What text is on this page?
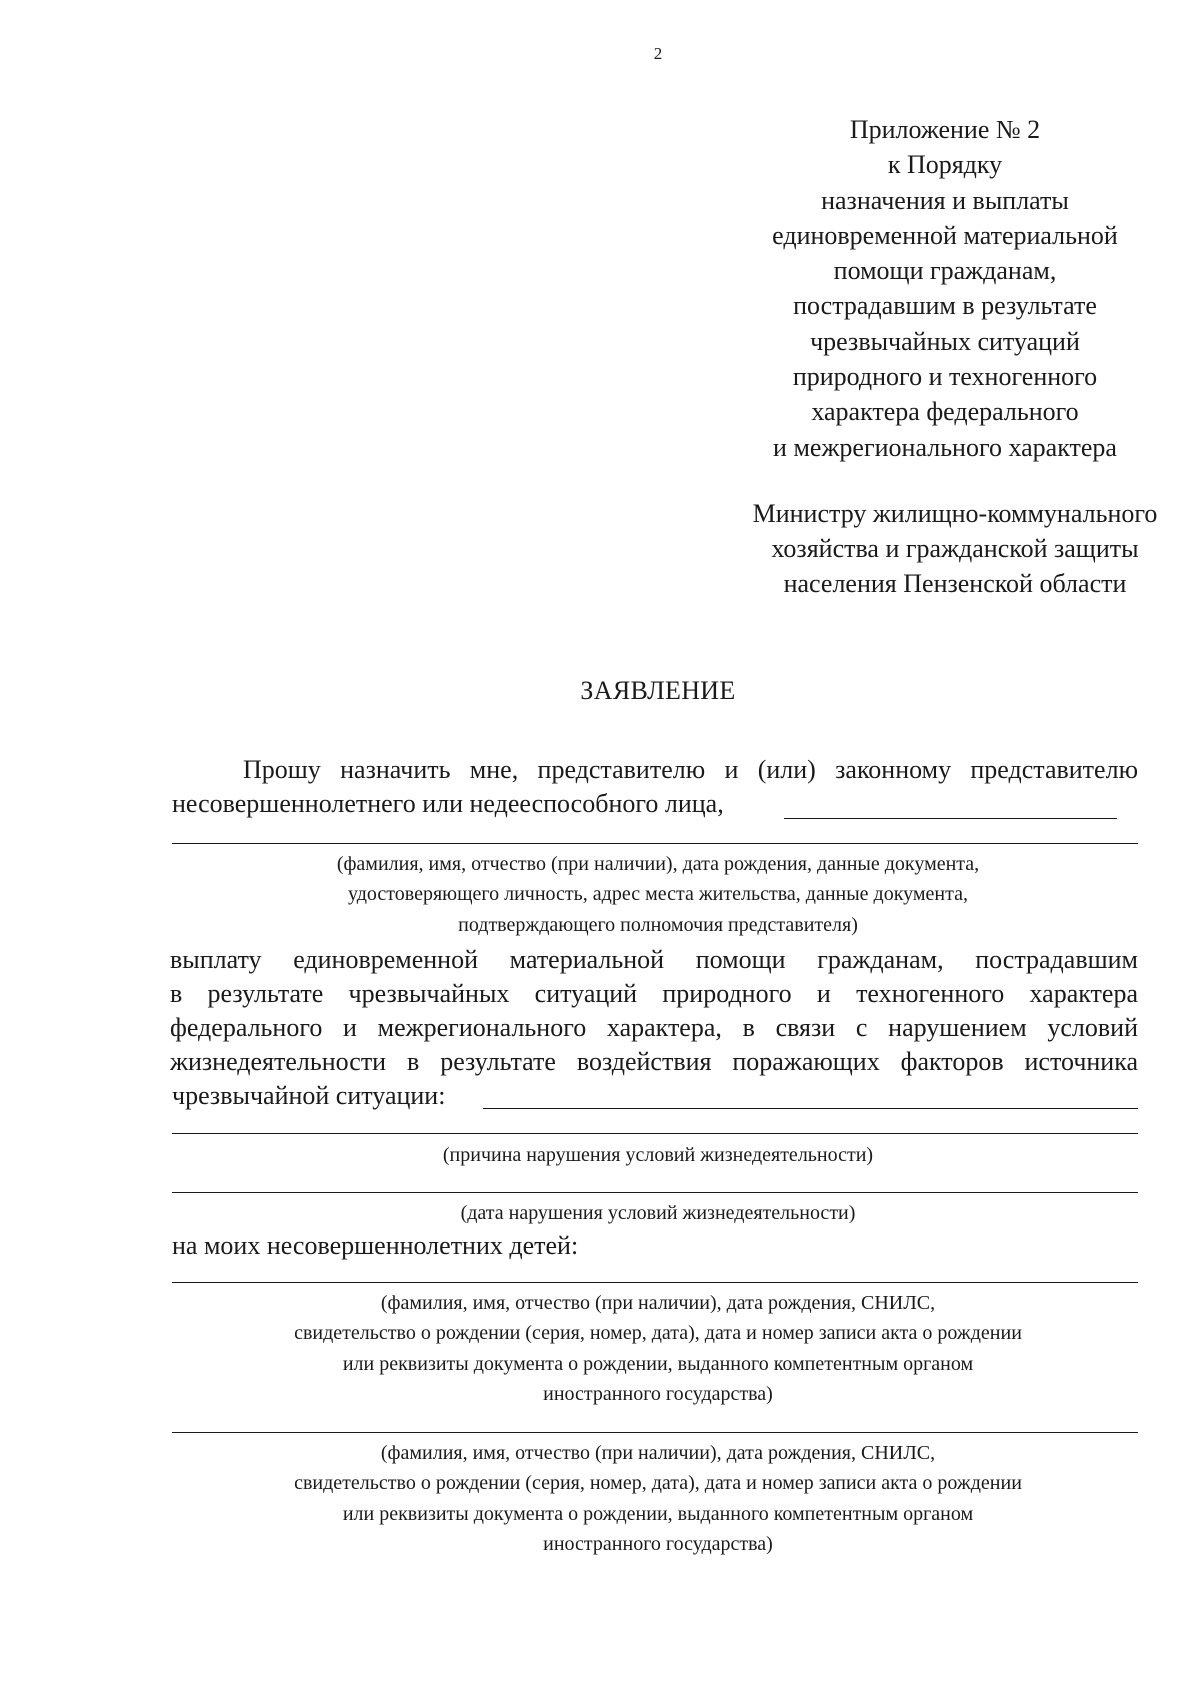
2
Приложение № 2
к Порядку
назначения и выплаты
единовременной материальной
помощи гражданам,
пострадавшим в результате
чрезвычайных ситуаций
природного и техногенного
характера федерального
и межрегионального характера
Министру жилищно-коммунального
хозяйства и гражданской защиты
населения Пензенской области
ЗАЯВЛЕНИЕ
Прошу назначить мне, представителю и (или) законному представителю
несовершеннолетнего или недееспособного лица,
(фамилия, имя, отчество (при наличии), дата рождения, данные документа,
удостоверяющего личность, адрес места жительства, данные документа,
подтверждающего полномочия представителя)
выплату единовременной материальной помощи гражданам, пострадавшим
в результате чрезвычайных ситуаций природного и техногенного характера
федерального и межрегионального характера, в связи с нарушением условий
жизнедеятельности в результате воздействия поражающих факторов источника
чрезвычайной ситуации:
(причина нарушения условий жизнедеятельности)
(дата нарушения условий жизнедеятельности)
на моих несовершеннолетних детей:
(фамилия, имя, отчество (при наличии), дата рождения, СНИЛС,
свидетельство о рождении (серия, номер, дата), дата и номер записи акта о рождении
или реквизиты документа о рождении, выданного компетентным органом
иностранного государства)
(фамилия, имя, отчество (при наличии), дата рождения, СНИЛС,
свидетельство о рождении (серия, номер, дата), дата и номер записи акта о рождении
или реквизиты документа о рождении, выданного компетентным органом
иностранного государства)
